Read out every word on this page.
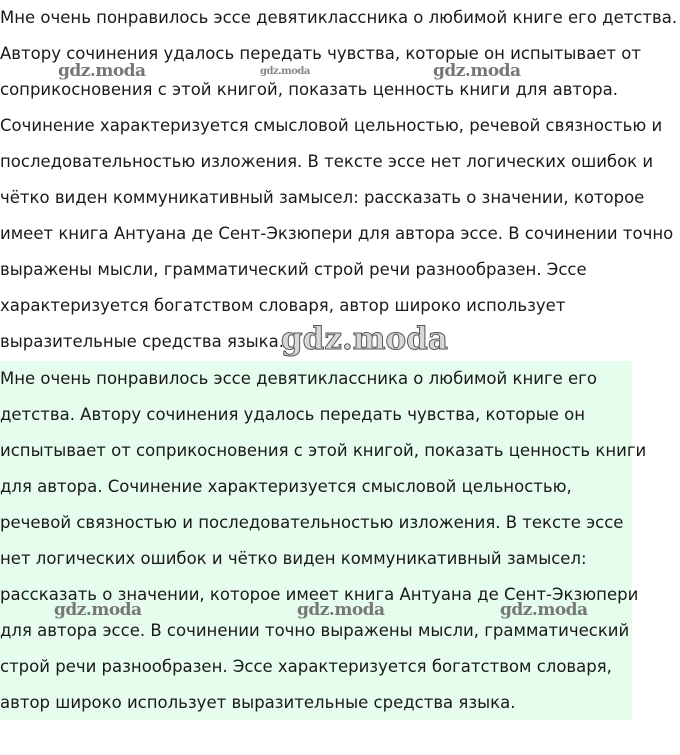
Мне очень понравилось эссе девятиклассника о любимой книге его детства.
Автору сочинения удалось передать чувства, которые он испытывает от
соприкосновения с этой книгой, показать ценность книги для автора.
Сочинение характеризуется смысловой цельностью, речевой связностью и
последовательностью изложения. В тексте эссе нет логических ошибок и
чётко виден коммуникативный замысел: рассказать о значении, которое
имеет книга Антуана де Сент-Экзюпери для автора эссе. В сочинении точно
выражены мысли, грамматический строй речи разнообразен. Эссе
характеризуется богатством словаря, автор широко использует
выразительные средства языка.
Мне очень понравилось эссе девятиклассника о любимой книге его
детства. Автору сочинения удалось передать чувства, которые он
испытывает от соприкосновения с этой книгой, показать ценность книги
для автора. Сочинение характеризуется смысловой цельностью,
речевой связностью и последовательностью изложения. В тексте эссе
нет логических ошибок и чётко виден коммуникативный замысел:
рассказать о значении, которое имеет книга Антуана де Сент-Экзюпери
для автора эссе. В сочинении точно выражены мысли, грамматический
строй речи разнообразен. Эссе характеризуется богатством словаря,
автор широко использует выразительные средства языка.
gdz.moda	gdz.moda	gdz.moda
gdz.moda
gdz.moda	gdz.moda	gdz.moda
